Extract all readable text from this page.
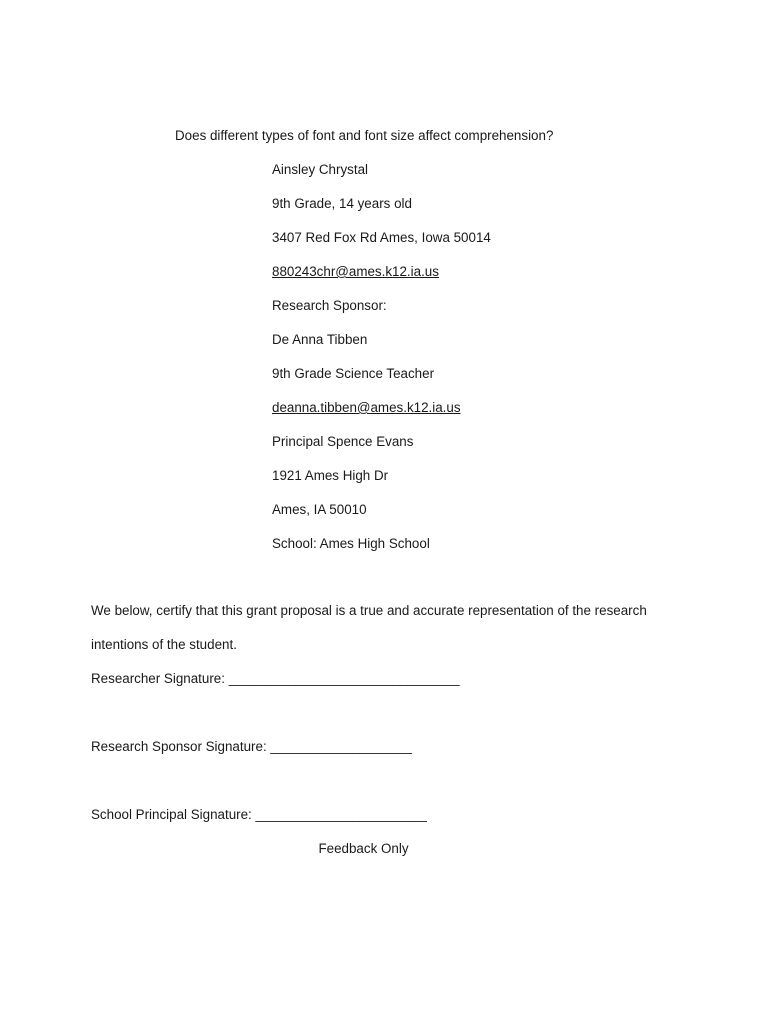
Does different types of font and font size affect comprehension?
Ainsley Chrystal
9th Grade, 14 years old
3407 Red Fox Rd Ames, Iowa 50014
880243chr@ames.k12.ia.us
Research Sponsor:
De Anna Tibben
9th Grade Science Teacher
deanna.tibben@ames.k12.ia.us
Principal Spence Evans
1921 Ames High Dr
Ames, IA 50010
School: Ames High School
We below, certify that this grant proposal is a true and accurate representation of the research
intentions of the student.
Researcher Signature: _______________________________
Research Sponsor Signature: ___________________
School Principal Signature: _______________________
Feedback Only
